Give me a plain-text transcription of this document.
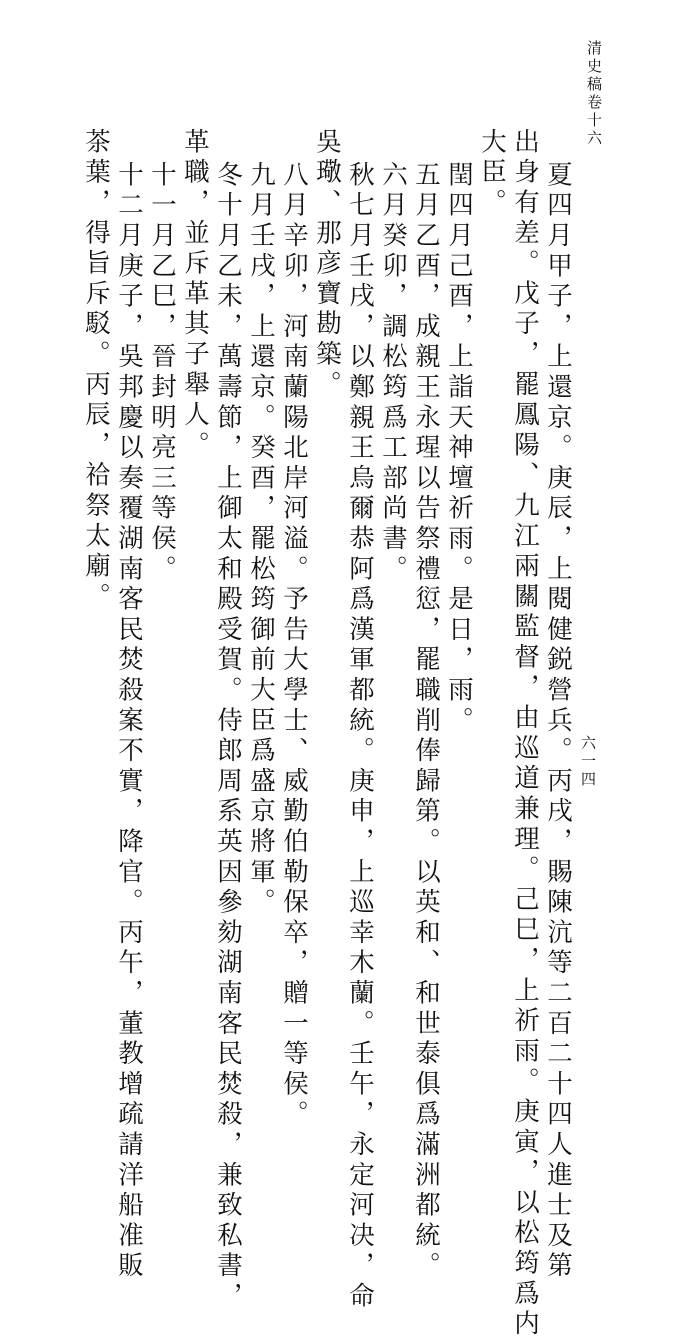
清史稿卷十六
六一四
夏四月甲子，上還京。庚辰，上閱健鋭營兵。丙戌，賜陳沆等二百二十四人進士及第
出身有差。戊子，罷鳳陽、九江兩關監督，由巡道兼理。己巳，上祈雨。庚寅，以松筠爲内
大臣。
閏四月己酉，上詣天神壇祈雨。是日，雨。
五月乙酉，成親王永瑆以告祭禮愆，罷職削俸歸第。以英和、和世泰俱爲滿洲都統。
六月癸卯，調松筠爲工部尚書。
秋七月壬戌，以鄭親王烏爾恭阿爲漢軍都統。庚申，上巡幸木蘭。壬午，永定河决，命
吳璥、那彦寶勘築。
八月辛卯，河南蘭陽北岸河溢。予告大學士、威勤伯勒保卒，贈一等侯。
九月壬戌，上還京。癸酉，罷松筠御前大臣爲盛京將軍。
冬十月乙未，萬壽節，上御太和殿受賀。侍郎周系英因參劾湖南客民焚殺，兼致私書，
革職，並斥革其子舉人。
十一月乙巳，晉封明亮三等侯。
十二月庚子，吳邦慶以奏覆湖南客民焚殺案不實，降官。丙午，董教增疏請洋船准販
茶葉，得旨斥駁。丙辰，祫祭太廟。
